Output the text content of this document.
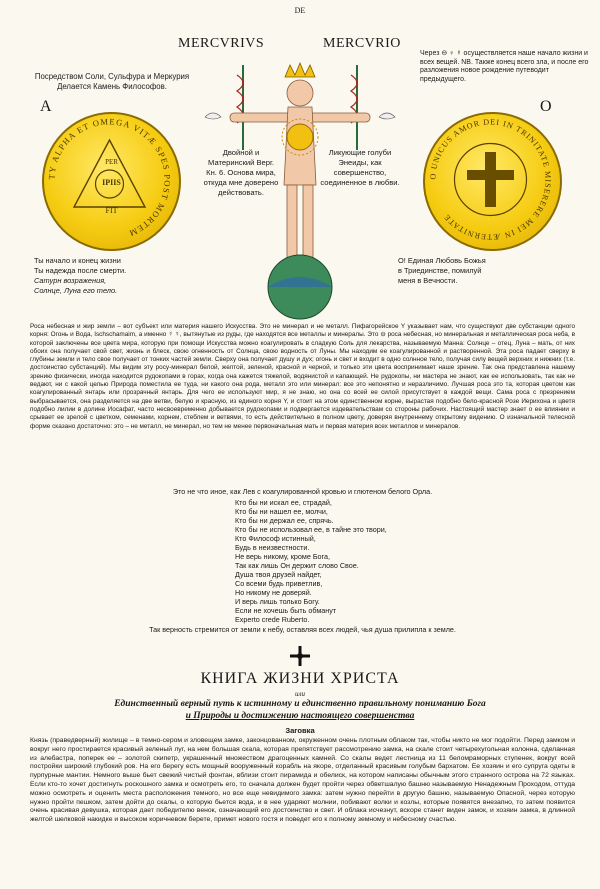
DE
MERCVRIVS	MERCVRIO
Посредством Соли, Сульфура и Меркурия Делается Камень Философов.
Через ⊖ ♀ ☿ осуществляется наше начало жизни и всех вещей. NB. Также конец всего зла, и после его разложения новое рождение путеводит предыдущего.
A	O
ΤΥ ALPHA ET OMEGA VITÆ SPES POST MORTEM
PER
IPIIS
FIT
O UNICUS AMOR DEI IN TRINITATE MISERERE MEI IN ÆTERNITATE
Двойной и Материнский Верг. Кн. 6. Основа мира, откуда мне доверено действовать.
Ликующие голуби Энеиды, как совершенство, соединенное в любви.
Ты начало и конец жизни
Ты надежда после смерти.
Сатурн возражения,
Солнце, Луна его тело.
О! Единая Любовь Божья
в Триединстве, помилуй
меня в Вечности.
Роса небесная и жир земли – вот субъект или материя нашего Искусства. Это не минерал и не металл. Пифагорейское Y указывает нам, что существуют две субстанции одного корня: Огонь и Вода, Ischschamaim, а именно ☿ ☿, вытянутые из руды, где находятся все металлы и минералы. Это ⊖ роса небесная, но минеральная и металлическая роса неба, в которой заключены все цвета мира, которую при помощи Искусства можно коагулировать в сладкую Соль для лекарства, называемую Манна: Солнце – отец, Луна – мать, от них обоих она получает свой свет, жизнь и блеск, свою огненность от Солнца, свою водность от Луны. Мы находим ее коагулированной и растворенной. Эта роса падает сверху в глубины земли и тело свое получает от тонких частей земли. Сверху она получает душу и дух; огонь и свет и входит в одно солнное тело, получая силу вещей верхних и нижних (т.е. достоинство субстанций). Мы видим эту росу-минерал белой, желтой, зеленой, красной и черной, и только эти цвета воспринимает наше зрение. Так она представлена нашему зрению физически, иногда находится рудокопами в горах, когда она кажется тяжелой, водянистой и капающей. Не рудокопы, ни мастера не знают, как ее использовать, так как не ведают, ни с какой целью Природа поместила ее туда, ни какого она рода, металл это или минерал: все это непонятно и неразличимо. Лучшая роса это та, которая цветом как коагулированный янтарь или прозрачный янтарь. Для чего ее используют мир, я не знаю, но она со всей ее силой присутствует в каждой вещи. Сама роса с презрением выбрасывается, она разделяется на две ветви, белую и красную, из единого корня Y, и стоит на этом единственном корне, вырастая подобно бело-красной Розе Иерихона и цветя подобно лилии в долине Иосафат, часто несвоевременно добывается рудокопами и подвергается издевательствам со стороны рабочих. Настоящий мастер знает о ее влиянии и срывает ее зрелой с цветком, семенами, корнем, стеблем и ветвями, то есть действительно в полном цвету, доверяя внутреннему открытому видению. О изначальной телесной форме сказано достаточно: это – не металл, не минерал, но тем не менее первоначальная мать и первая материя всех металлов и минералов.
Это не что иное, как Лев с коагулированной кровью и глютеном белого Орла.
Кто бы ни искал ее, страдай,
Кто бы ни нашел ее, молчи,
Кто бы ни держал ее, спрячь.
Кто бы не использовал ее, в тайне это твори,
Кто Философ истинный,
Будь в неизвестности.
Не верь никому, кроме Бога,
Так как лишь Он держит слово Свое.
Душа твоя друзей найдет,
Со всеми будь приветлив,
Но никому не доверяй.
И верь лишь только Богу.
Если не хочешь быть обманут
Experto crede Ruberto.
Так верность стремится от земли к небу, оставляя всех людей, чья душа прилипла к земле.
КНИГА ЖИЗНИ ХРИСТА
или
Единственный верный путь к истинному и единственно правильному пониманию Бога
и Природы и достижению настоящего совершенства
Заговка
Князь (праведверный) жилище – в темно-сером и зловещем замке, законцованном, окруженном очень плотным облаком так, чтобы никто не мог подойти. Перед замком и вокруг него простирается красивый зеленый луг, на нем большая скала, которая препятствует рассмотрению замка, на скале стоит четырехугольная колонна, сделанная из алебастра, поперек ее – золотой скипетр, украшенный множеством драгоценных камней. Со скалы ведет лестница из 11 беломраморных ступенек, вокруг всей постройки широкий глубокий ров. На его берегу есть мощный вооруженный корабль на якоре, отделанный красивым голубым бархатом. Ее хозяин и его супруга одеты в пурпурные мантии. Немного выше бьет свежий чистый фонтан, вблизи стоит пирамида и обелиск, на котором написаны обычным этого странного острова на 72 языках. Если кто-то хочет достигнуть роскошного замка и осмотреть его, то сначала должен будет пройти через обветшалую башню называемую Ненадежным Проходом, оттуда можно осмотреть и оценить места расположения темного, но все еще невидимого замка: затем нужно перейти в другую башню, называемую Опасной, через которую нужно пройти пешком, затем дойти до скалы, о которую бьется вода, и в нее ударяют молнии, побивают волки и козлы, которые появятся внезапно, то затем появится очень красивая девушка, которая дает победителю венок, означающий его достоинство и свет. И облака исчезнут, вскоре станет виден замок, и хозяин замка, в длинной желтой шелковой накидке и высоком коричневом берете, примет нового гостя и поведет его к полному земному и небесному счастью.
